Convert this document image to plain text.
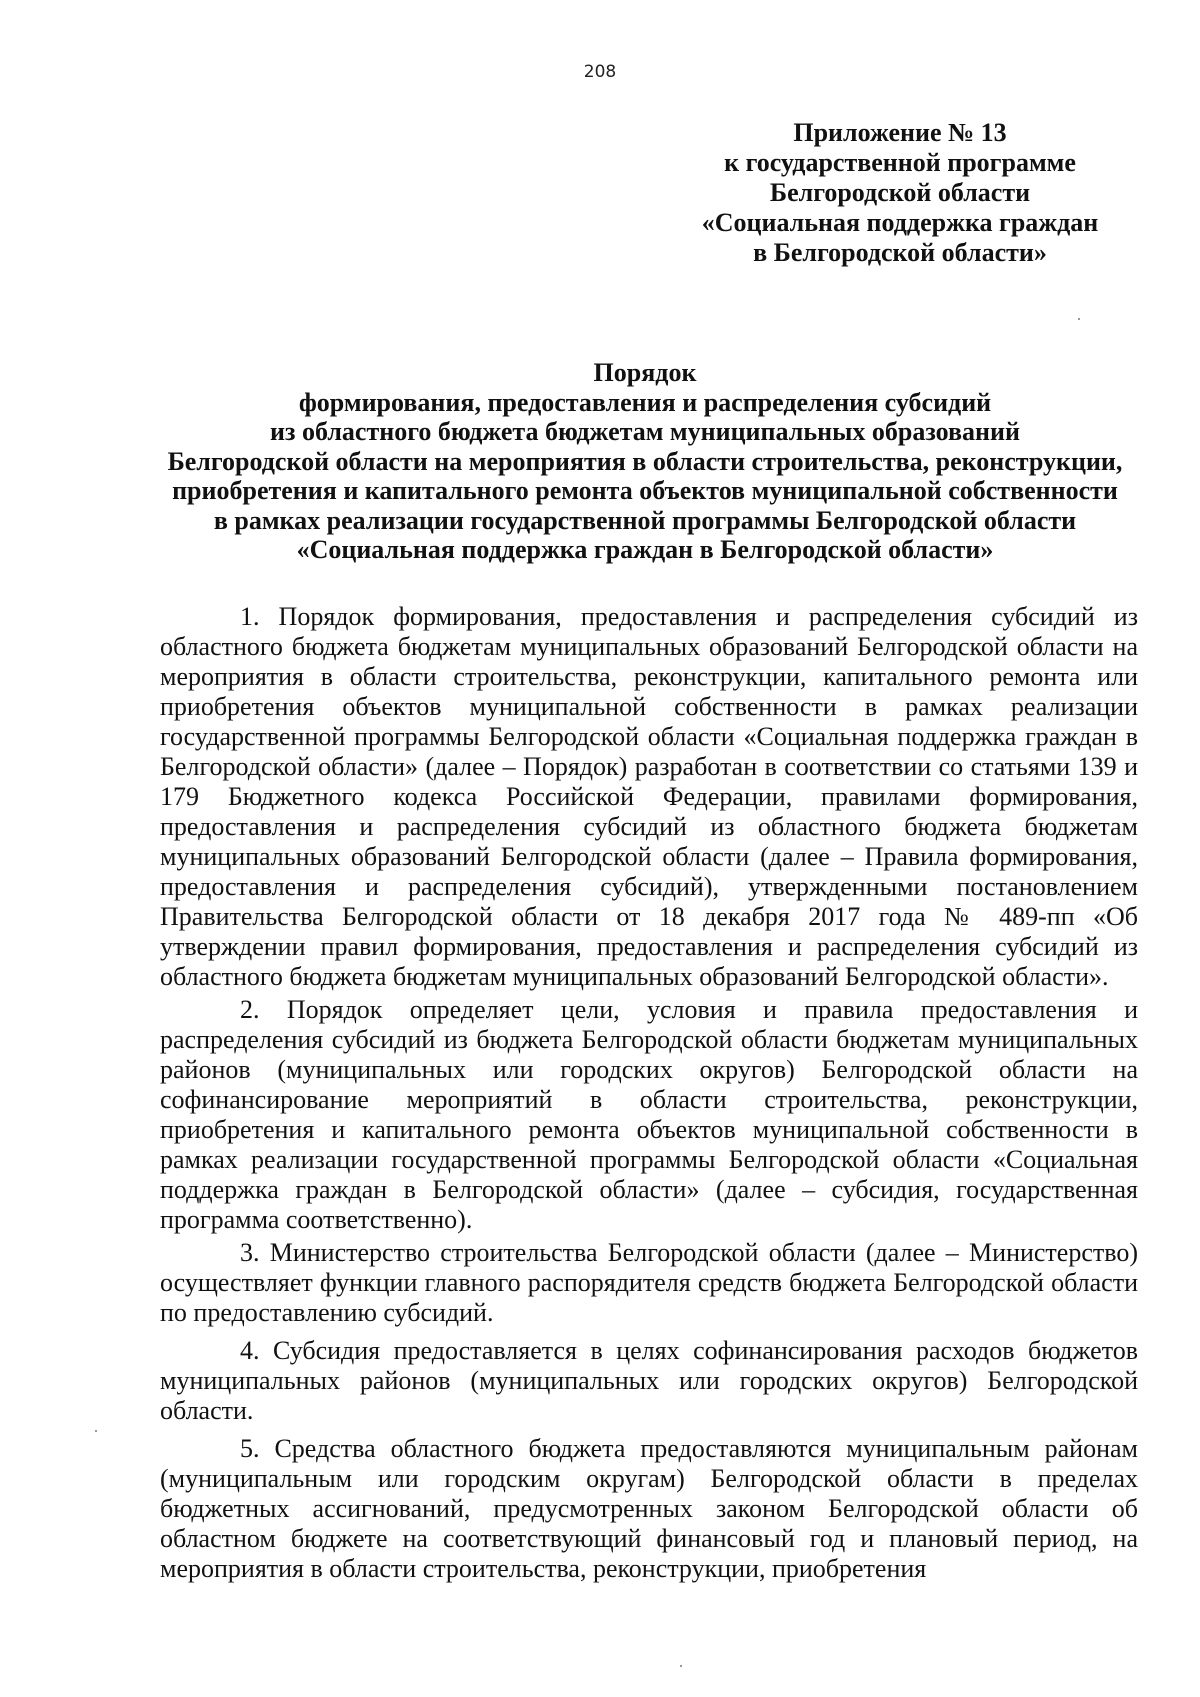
208
Приложение № 13
к государственной программе
Белгородской области
«Социальная поддержка граждан
в Белгородской области»
Порядок
формирования, предоставления и распределения субсидий
из областного бюджета бюджетам муниципальных образований
Белгородской области на мероприятия в области строительства, реконструкции,
приобретения и капитального ремонта объектов муниципальной собственности
в рамках реализации государственной программы Белгородской области
«Социальная поддержка граждан в Белгородской области»

1. Порядок формирования, предоставления и распределения субсидий из областного бюджета бюджетам муниципальных образований Белгородской области на мероприятия в области строительства, реконструкции, капитального ремонта или приобретения объектов муниципальной собственности в рамках реализации государственной программы Белгородской области «Социальная поддержка граждан в Белгородской области» (далее – Порядок) разработан в соответствии со статьями 139 и 179 Бюджетного кодекса Российской Федерации, правилами формирования, предоставления и распределения субсидий из областного бюджета бюджетам муниципальных образований Белгородской области (далее – Правила формирования, предоставления и распределения субсидий), утвержденными постановлением Правительства Белгородской области от 18 декабря 2017 года № 489-пп «Об утверждении правил формирования, предоставления и распределения субсидий из областного бюджета бюджетам муниципальных образований Белгородской области».

2. Порядок определяет цели, условия и правила предоставления и распределения субсидий из бюджета Белгородской области бюджетам муниципальных районов (муниципальных или городских округов) Белгородской области на софинансирование мероприятий в области строительства, реконструкции, приобретения и капитального ремонта объектов муниципальной собственности в рамках реализации государственной программы Белгородской области «Социальная поддержка граждан в Белгородской области» (далее – субсидия, государственная программа соответственно).

3. Министерство строительства Белгородской области (далее – Министерство) осуществляет функции главного распорядителя средств бюджета Белгородской области по предоставлению субсидий.

4. Субсидия предоставляется в целях софинансирования расходов бюджетов муниципальных районов (муниципальных или городских округов) Белгородской области.

5. Средства областного бюджета предоставляются муниципальным районам (муниципальным или городским округам) Белгородской области в пределах бюджетных ассигнований, предусмотренных законом Белгородской области об областном бюджете на соответствующий финансовый год и плановый период, на мероприятия в области строительства, реконструкции, приобретения
